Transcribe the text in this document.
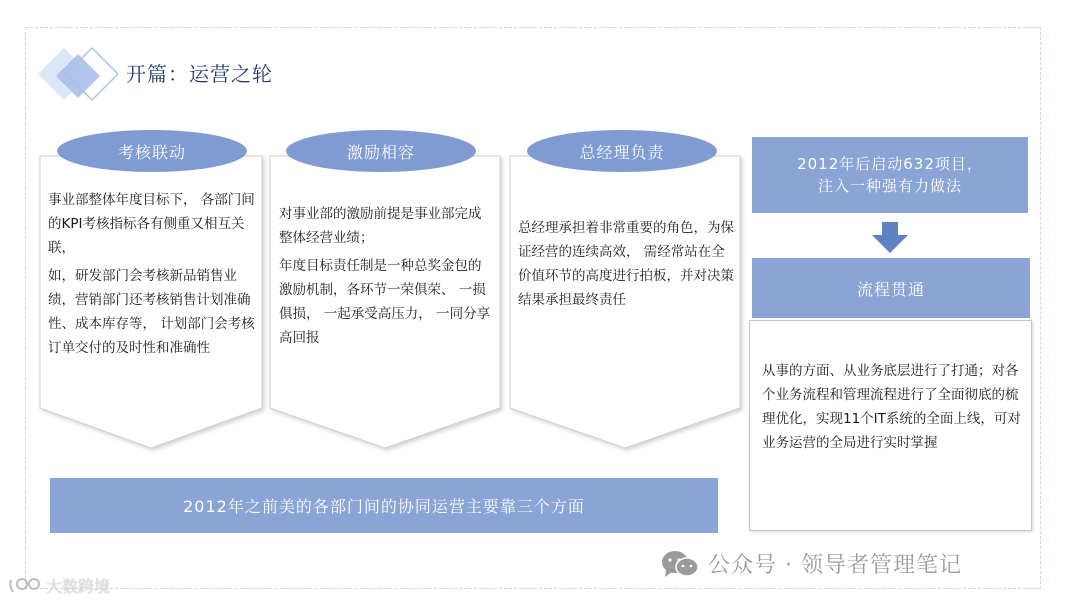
开篇：运营之轮
考核联动

事业部整体年度目标下， 各部门间的KPI考核指标各有侧重又相互关联，

如，研发部门会考核新品销售业绩，营销部门还考核销售计划准确性、成本库存等， 计划部门会考核订单交付的及时性和准确性

激励相容

对事业部的激励前提是事业部完成整体经营业绩；

年度目标责任制是一种总奖金包的激励机制，各环节一荣俱荣、 一损俱损， 一起承受高压力， 一同分享高回报

总经理负责

总经理承担着非常重要的角色，为保证经营的连续高效， 需经常站在全价值环节的高度进行拍板，并对决策结果承担最终责任

2012年之前美的各部门间的协同运营主要靠三个方面
2012年后启动632项目，
注入一种强有力做法
流程贯通
从事的方面、从业务底层进行了打通；对各个业务流程和管理流程进行了全面彻底的梳理优化，实现11个IT系统的全面上线，可对业务运营的全局进行实时掌握
公众号 · 领导者管理笔记
大数跨境
